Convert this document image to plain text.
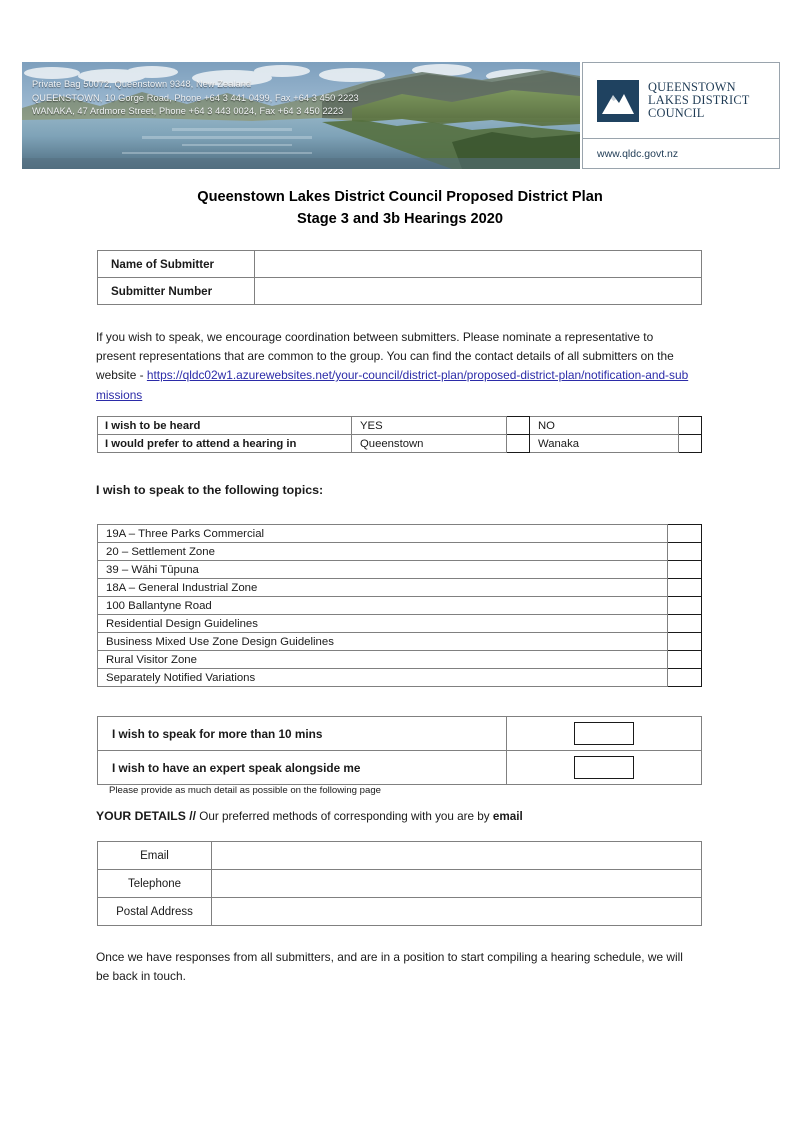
Private Bag 50072, Queenstown 9348, New Zealand
QUEENSTOWN, 10 Gorge Road, Phone +64 3 441 0499, Fax +64 3 450 2223
WANAKA, 47 Ardmore Street, Phone +64 3 443 0024, Fax +64 3 450 2223
QUEENSTOWN
LAKES DISTRICT
COUNCIL
www.qldc.govt.nz
Queenstown Lakes District Council Proposed District Plan
Stage 3 and 3b Hearings 2020
Name of Submitter	
Submitter Number	
If you wish to speak, we encourage coordination between submitters. Please nominate a representative to present representations that are common to the group. You can find the contact details of all submitters on the website - https://qldc02w1.azurewebsites.net/your-council/district-plan/proposed-district-plan/notification-and-submissions
I wish to be heard	YES		NO	
I would prefer to attend a hearing in	Queenstown		Wanaka	
I wish to speak to the following topics:
19A – Three Parks Commercial	
20 – Settlement Zone	
39 – Wāhi Tūpuna	
18A – General Industrial Zone	
100 Ballantyne Road	
Residential Design Guidelines	
Business Mixed Use Zone Design Guidelines	
Rural Visitor Zone	
Separately Notified Variations	
I wish to speak for more than 10 mins	
I wish to have an expert speak alongside me	
Please provide as much detail as possible on the following page
YOUR DETAILS // Our preferred methods of corresponding with you are by email
Email	
Telephone	
Postal Address	
Once we have responses from all submitters, and are in a position to start compiling a hearing schedule, we will be back in touch.
